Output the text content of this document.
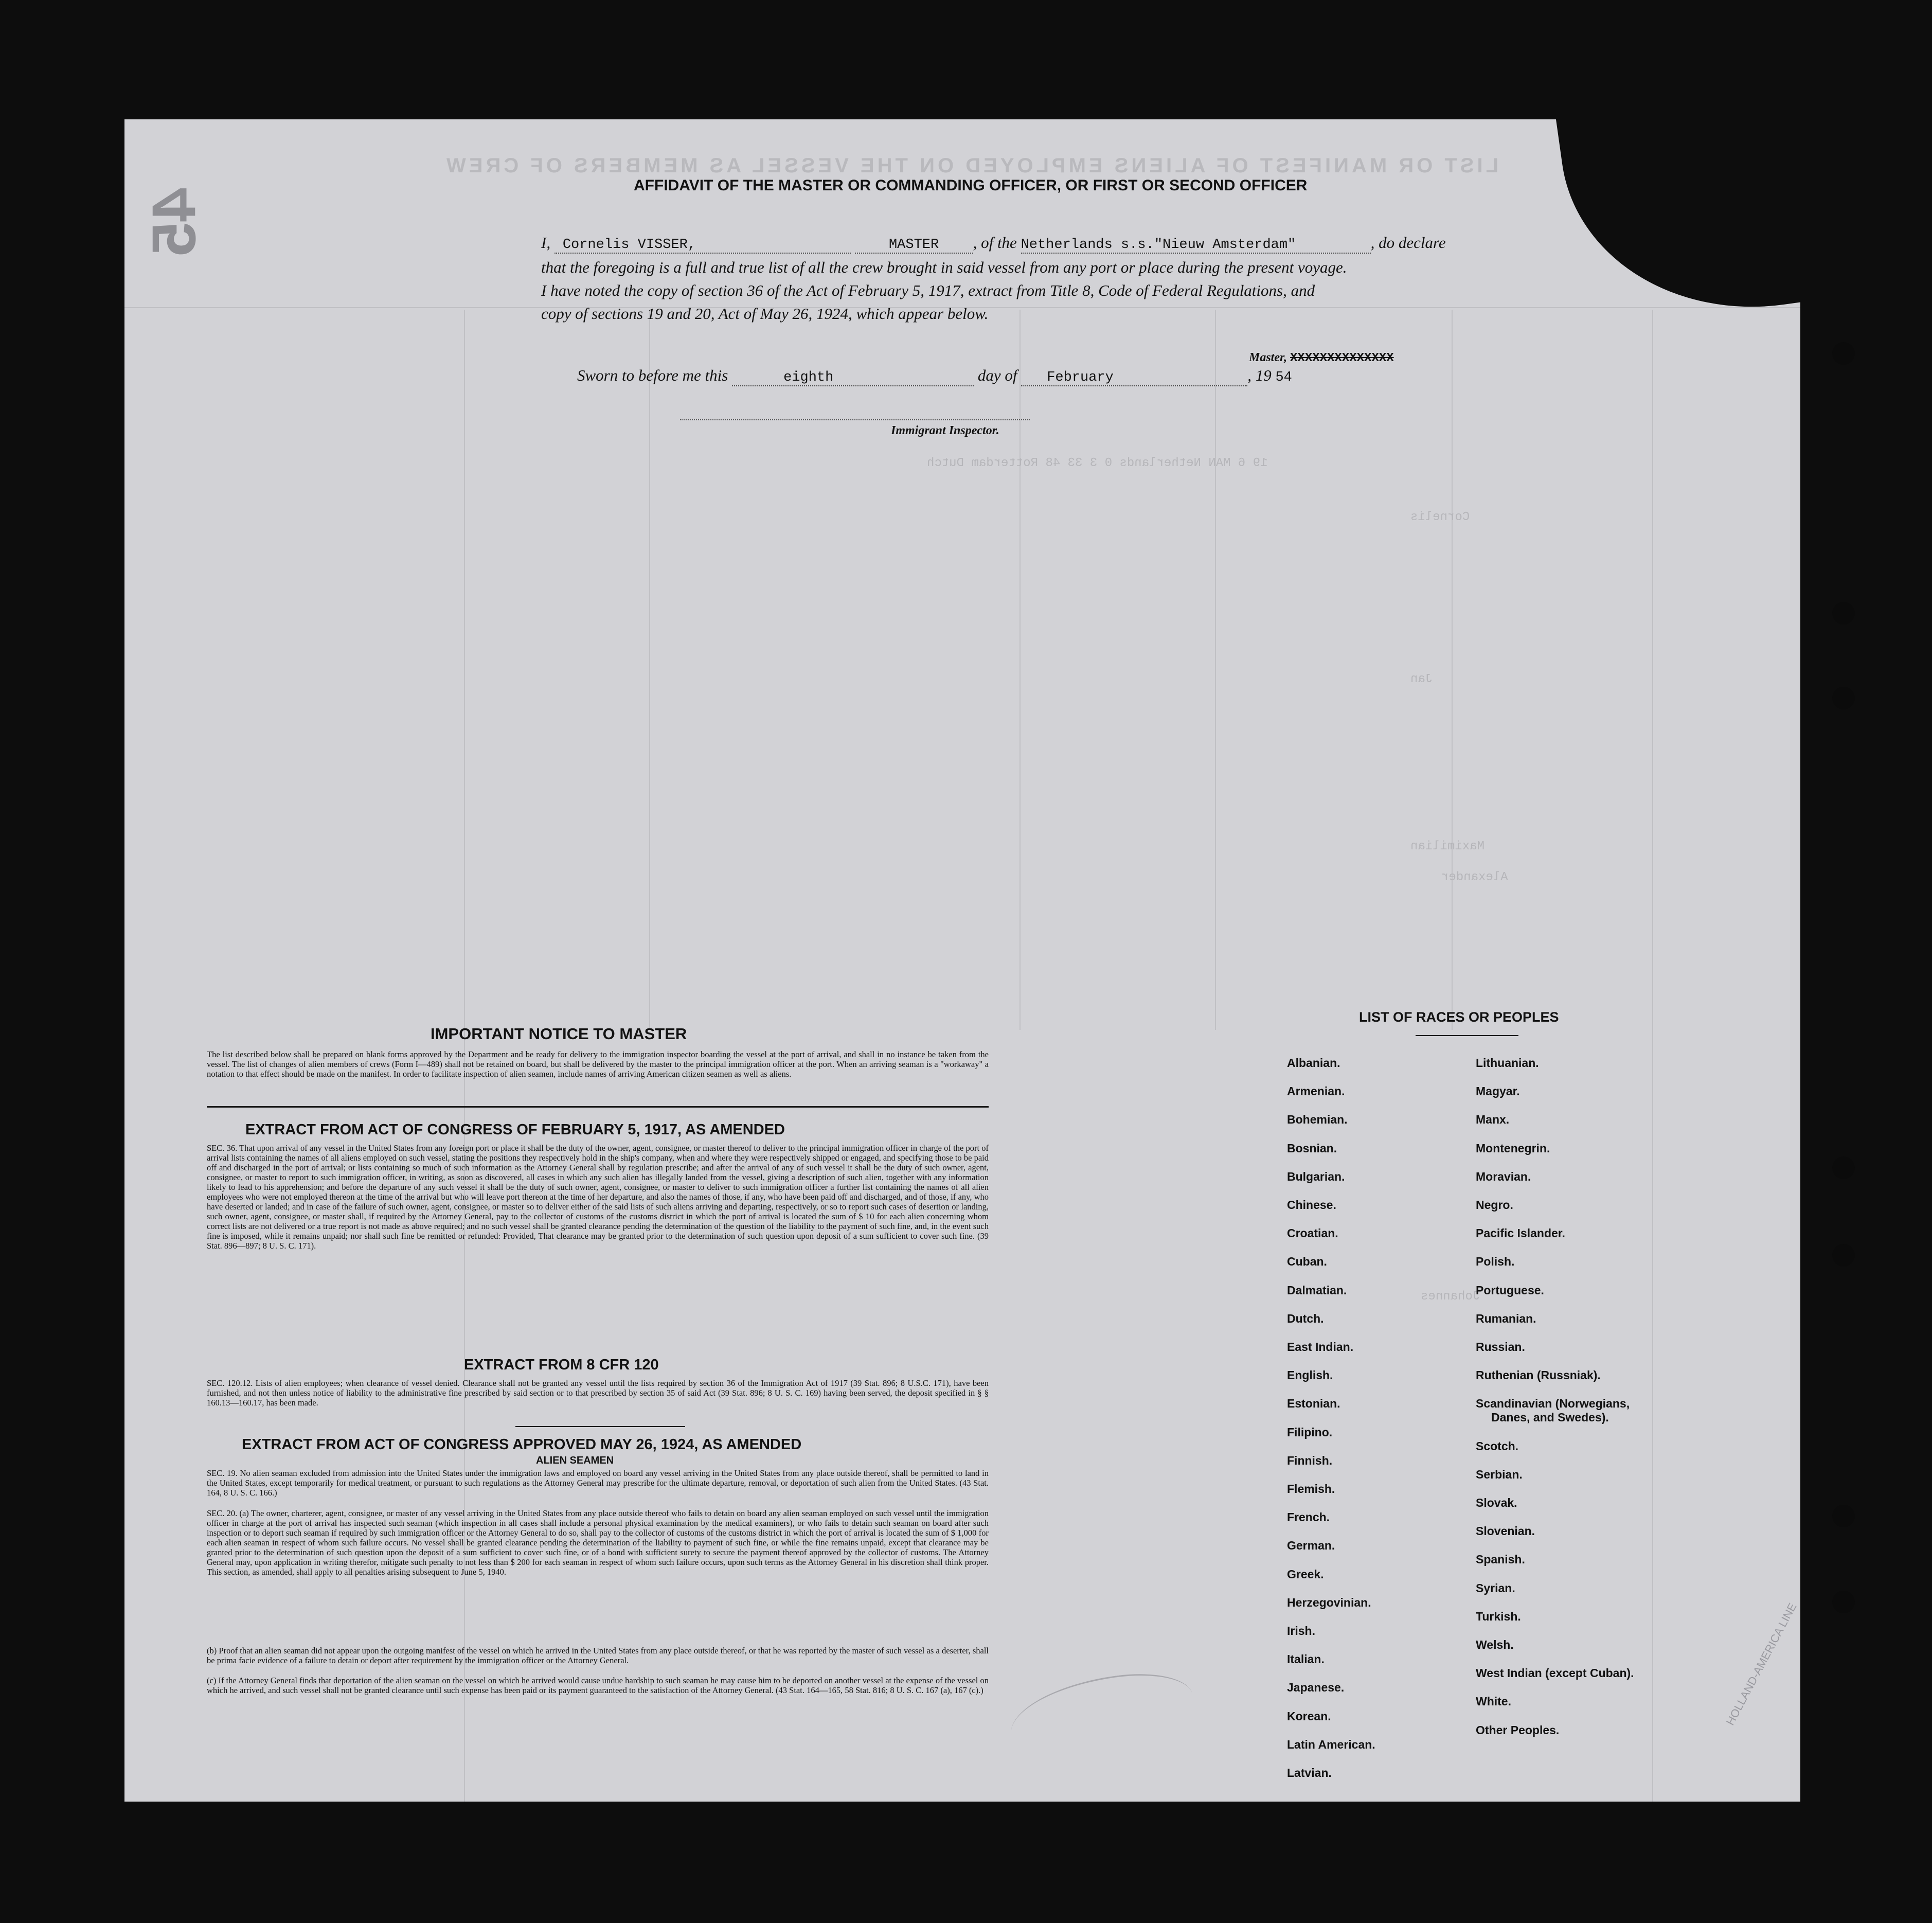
LIST OR MANIFEST OF ALIENS EMPLOYED ON THE VESSEL AS MEMBERS OF CREW
45
19 6 MAN Netherlands 0 3 33 48 Rotterdam Dutch
Cornelis
Jan
Maximilian
Alexander
Johannes
AFFIDAVIT OF THE MASTER OR COMMANDING OFFICER, OR FIRST OR SECOND OFFICER
I, Cornelis VISSER,	MASTER , of the Netherlands s.s."Nieuw Amsterdam"	, do declare
that the foregoing is a full and true list of all the crew brought in said vessel from any port or place during the present voyage.
I have noted the copy of section 36 of the Act of February 5, 1917, extract from Title 8, Code of Federal Regulations, and
copy of sections 19 and 20, Act of May 26, 1924, which appear below.
Master, XXXXXXXXXXXXXX
Sworn to before me this	eighth	day of February	, 19 54
Immigrant Inspector.
IMPORTANT NOTICE TO MASTER
The list described below shall be prepared on blank forms approved by the Department and be ready for delivery to the immigration inspector boarding the vessel at the port of arrival, and shall in no instance be taken from the vessel. The list of changes of alien members of crews (Form I—489) shall not be retained on board, but shall be delivered by the master to the principal immigration officer at the port. When an arriving seaman is a "workaway" a notation to that effect should be made on the manifest. In order to facilitate inspection of alien seamen, include names of arriving American citizen seamen as well as aliens.
EXTRACT FROM ACT OF CONGRESS OF FEBRUARY 5, 1917, AS AMENDED
SEC. 36. That upon arrival of any vessel in the United States from any foreign port or place it shall be the duty of the owner, agent, consignee, or master thereof to deliver to the principal immigration officer in charge of the port of arrival lists containing the names of all aliens employed on such vessel, stating the positions they respectively hold in the ship's company, when and where they were respectively shipped or engaged, and specifying those to be paid off and discharged in the port of arrival; or lists containing so much of such information as the Attorney General shall by regulation prescribe; and after the arrival of any of such vessel it shall be the duty of such owner, agent, consignee, or master to report to such immigration officer, in writing, as soon as discovered, all cases in which any such alien has illegally landed from the vessel, giving a description of such alien, together with any information likely to lead to his apprehension; and before the departure of any such vessel it shall be the duty of such owner, agent, consignee, or master to deliver to such immigration officer a further list containing the names of all alien employees who were not employed thereon at the time of the arrival but who will leave port thereon at the time of her departure, and also the names of those, if any, who have been paid off and discharged, and of those, if any, who have deserted or landed; and in case of the failure of such owner, agent, consignee, or master so to deliver either of the said lists of such aliens arriving and departing, respectively, or so to report such cases of desertion or landing, such owner, agent, consignee, or master shall, if required by the Attorney General, pay to the collector of customs of the customs district in which the port of arrival is located the sum of $ 10 for each alien concerning whom correct lists are not delivered or a true report is not made as above required; and no such vessel shall be granted clearance pending the determination of the question of the liability to the payment of such fine, and, in the event such fine is imposed, while it remains unpaid; nor shall such fine be remitted or refunded: Provided, That clearance may be granted prior to the determination of such question upon deposit of a sum sufficient to cover such fine. (39 Stat. 896—897; 8 U. S. C. 171).
EXTRACT FROM 8 CFR 120
SEC. 120.12. Lists of alien employees; when clearance of vessel denied. Clearance shall not be granted any vessel until the lists required by section 36 of the Immigration Act of 1917 (39 Stat. 896; 8 U.S.C. 171), have been furnished, and not then unless notice of liability to the administrative fine prescribed by said section or to that prescribed by section 35 of said Act (39 Stat. 896; 8 U. S. C. 169) having been served, the deposit specified in § § 160.13—160.17, has been made.
EXTRACT FROM ACT OF CONGRESS APPROVED MAY 26, 1924, AS AMENDED
ALIEN SEAMEN
SEC. 19. No alien seaman excluded from admission into the United States under the immigration laws and employed on board any vessel arriving in the United States from any place outside thereof, shall be permitted to land in the United States, except temporarily for medical treatment, or pursuant to such regulations as the Attorney General may prescribe for the ultimate departure, removal, or deportation of such alien from the United States. (43 Stat. 164, 8 U. S. C. 166.)
SEC. 20. (a) The owner, charterer, agent, consignee, or master of any vessel arriving in the United States from any place outside thereof who fails to detain on board any alien seaman employed on such vessel until the immigration officer in charge at the port of arrival has inspected such seaman (which inspection in all cases shall include a personal physical examination by the medical examiners), or who fails to detain such seaman on board after such inspection or to deport such seaman if required by such immigration officer or the Attorney General to do so, shall pay to the collector of customs of the customs district in which the port of arrival is located the sum of $ 1,000 for each alien seaman in respect of whom such failure occurs. No vessel shall be granted clearance pending the determination of the liability to payment of such fine, or while the fine remains unpaid, except that clearance may be granted prior to the determination of such question upon the deposit of a sum sufficient to cover such fine, or of a bond with sufficient surety to secure the payment thereof approved by the collector of customs. The Attorney General may, upon application in writing therefor, mitigate such penalty to not less than $ 200 for each seaman in respect of whom such failure occurs, upon such terms as the Attorney General in his discretion shall think proper. This section, as amended, shall apply to all penalties arising subsequent to June 5, 1940.
(b) Proof that an alien seaman did not appear upon the outgoing manifest of the vessel on which he arrived in the United States from any place outside thereof, or that he was reported by the master of such vessel as a deserter, shall be prima facie evidence of a failure to detain or deport after requirement by the immigration officer or the Attorney General.
(c) If the Attorney General finds that deportation of the alien seaman on the vessel on which he arrived would cause undue hardship to such seaman he may cause him to be deported on another vessel at the expense of the vessel on which he arrived, and such vessel shall not be granted clearance until such expense has been paid or its payment guaranteed to the satisfaction of the Attorney General. (43 Stat. 164—165, 58 Stat. 816; 8 U. S. C. 167 (a), 167 (c).)
LIST OF RACES OR PEOPLES
Albanian.
Armenian.
Bohemian.
Bosnian.
Bulgarian.
Chinese.
Croatian.
Cuban.
Dalmatian.
Dutch.
East Indian.
English.
Estonian.
Filipino.
Finnish.
Flemish.
French.
German.
Greek.
Herzegovinian.
Irish.
Italian.
Japanese.
Korean.
Latin American.
Latvian.
Lithuanian.
Magyar.
Manx.
Montenegrin.
Moravian.
Negro.
Pacific Islander.
Polish.
Portuguese.
Rumanian.
Russian.
Ruthenian (Russniak).
Scandinavian (Norwegians,
Danes, and Swedes).
Scotch.
Serbian.
Slovak.
Slovenian.
Spanish.
Syrian.
Turkish.
Welsh.
West Indian (except Cuban).
White.
Other Peoples.
HOLLAND-AMERICA LINE
